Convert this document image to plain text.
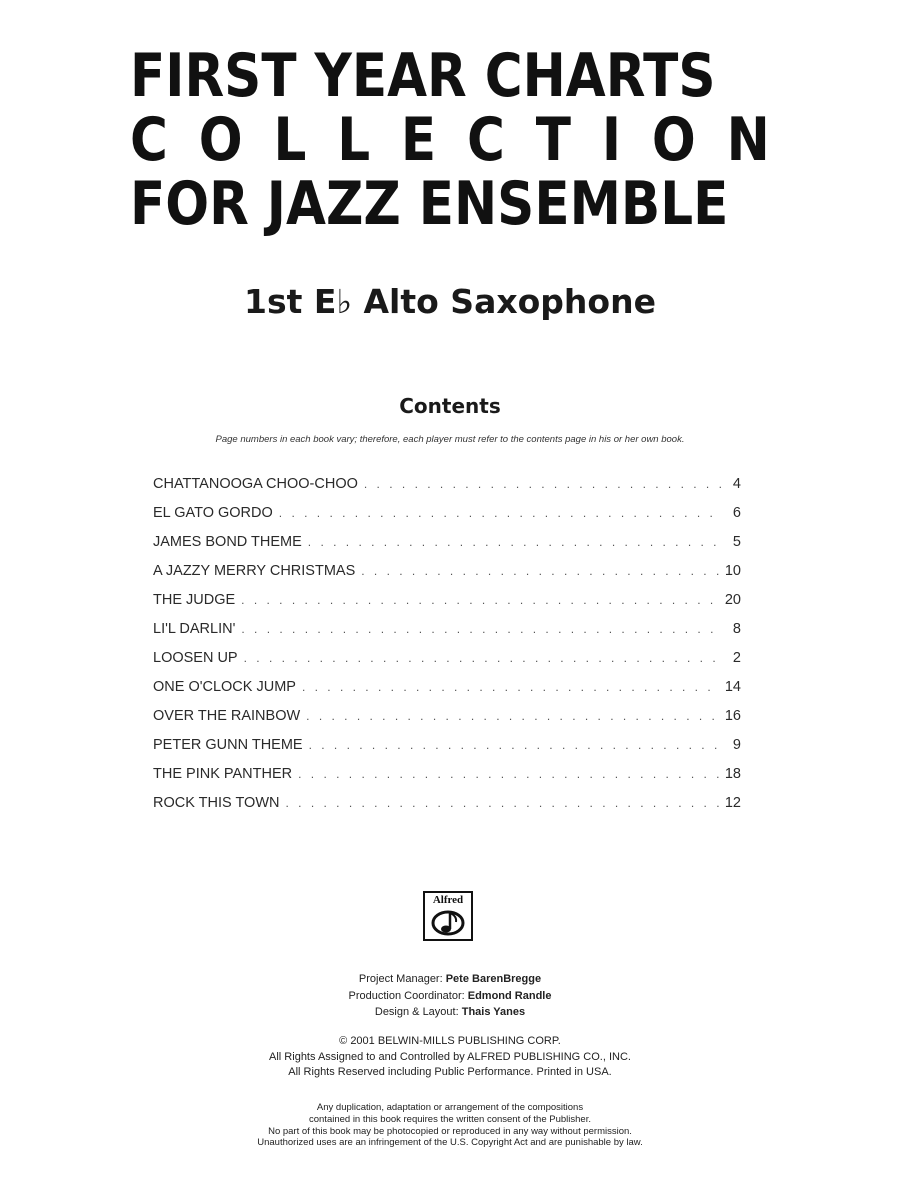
FIRST YEAR CHARTS
C O L L E C T I O N
FOR JAZZ ENSEMBLE
1st E♭ Alto Saxophone
Contents
Page numbers in each book vary; therefore, each player must refer to the contents page in his or her own book.
CHATTANOOGA CHOO-CHOO . . .	4
EL GATO GORDO . . .	6
JAMES BOND THEME . . .	5
A JAZZY MERRY CHRISTMAS . . .	10
THE JUDGE . . .	20
LI'L DARLIN' . . .	8
LOOSEN UP . . .	2
ONE O'CLOCK JUMP . . .	14
OVER THE RAINBOW . . .	16
PETER GUNN THEME . . .	9
THE PINK PANTHER . . .	18
ROCK THIS TOWN . . .	12
Alfred
Project Manager: Pete BarenBregge
Production Coordinator: Edmond Randle
Design & Layout: Thais Yanes
© 2001 BELWIN-MILLS PUBLISHING CORP.
All Rights Assigned to and Controlled by ALFRED PUBLISHING CO., INC.
All Rights Reserved including Public Performance. Printed in USA.
Any duplication, adaptation or arrangement of the compositions
contained in this book requires the written consent of the Publisher.
No part of this book may be photocopied or reproduced in any way without permission.
Unauthorized uses are an infringement of the U.S. Copyright Act and are punishable by law.
